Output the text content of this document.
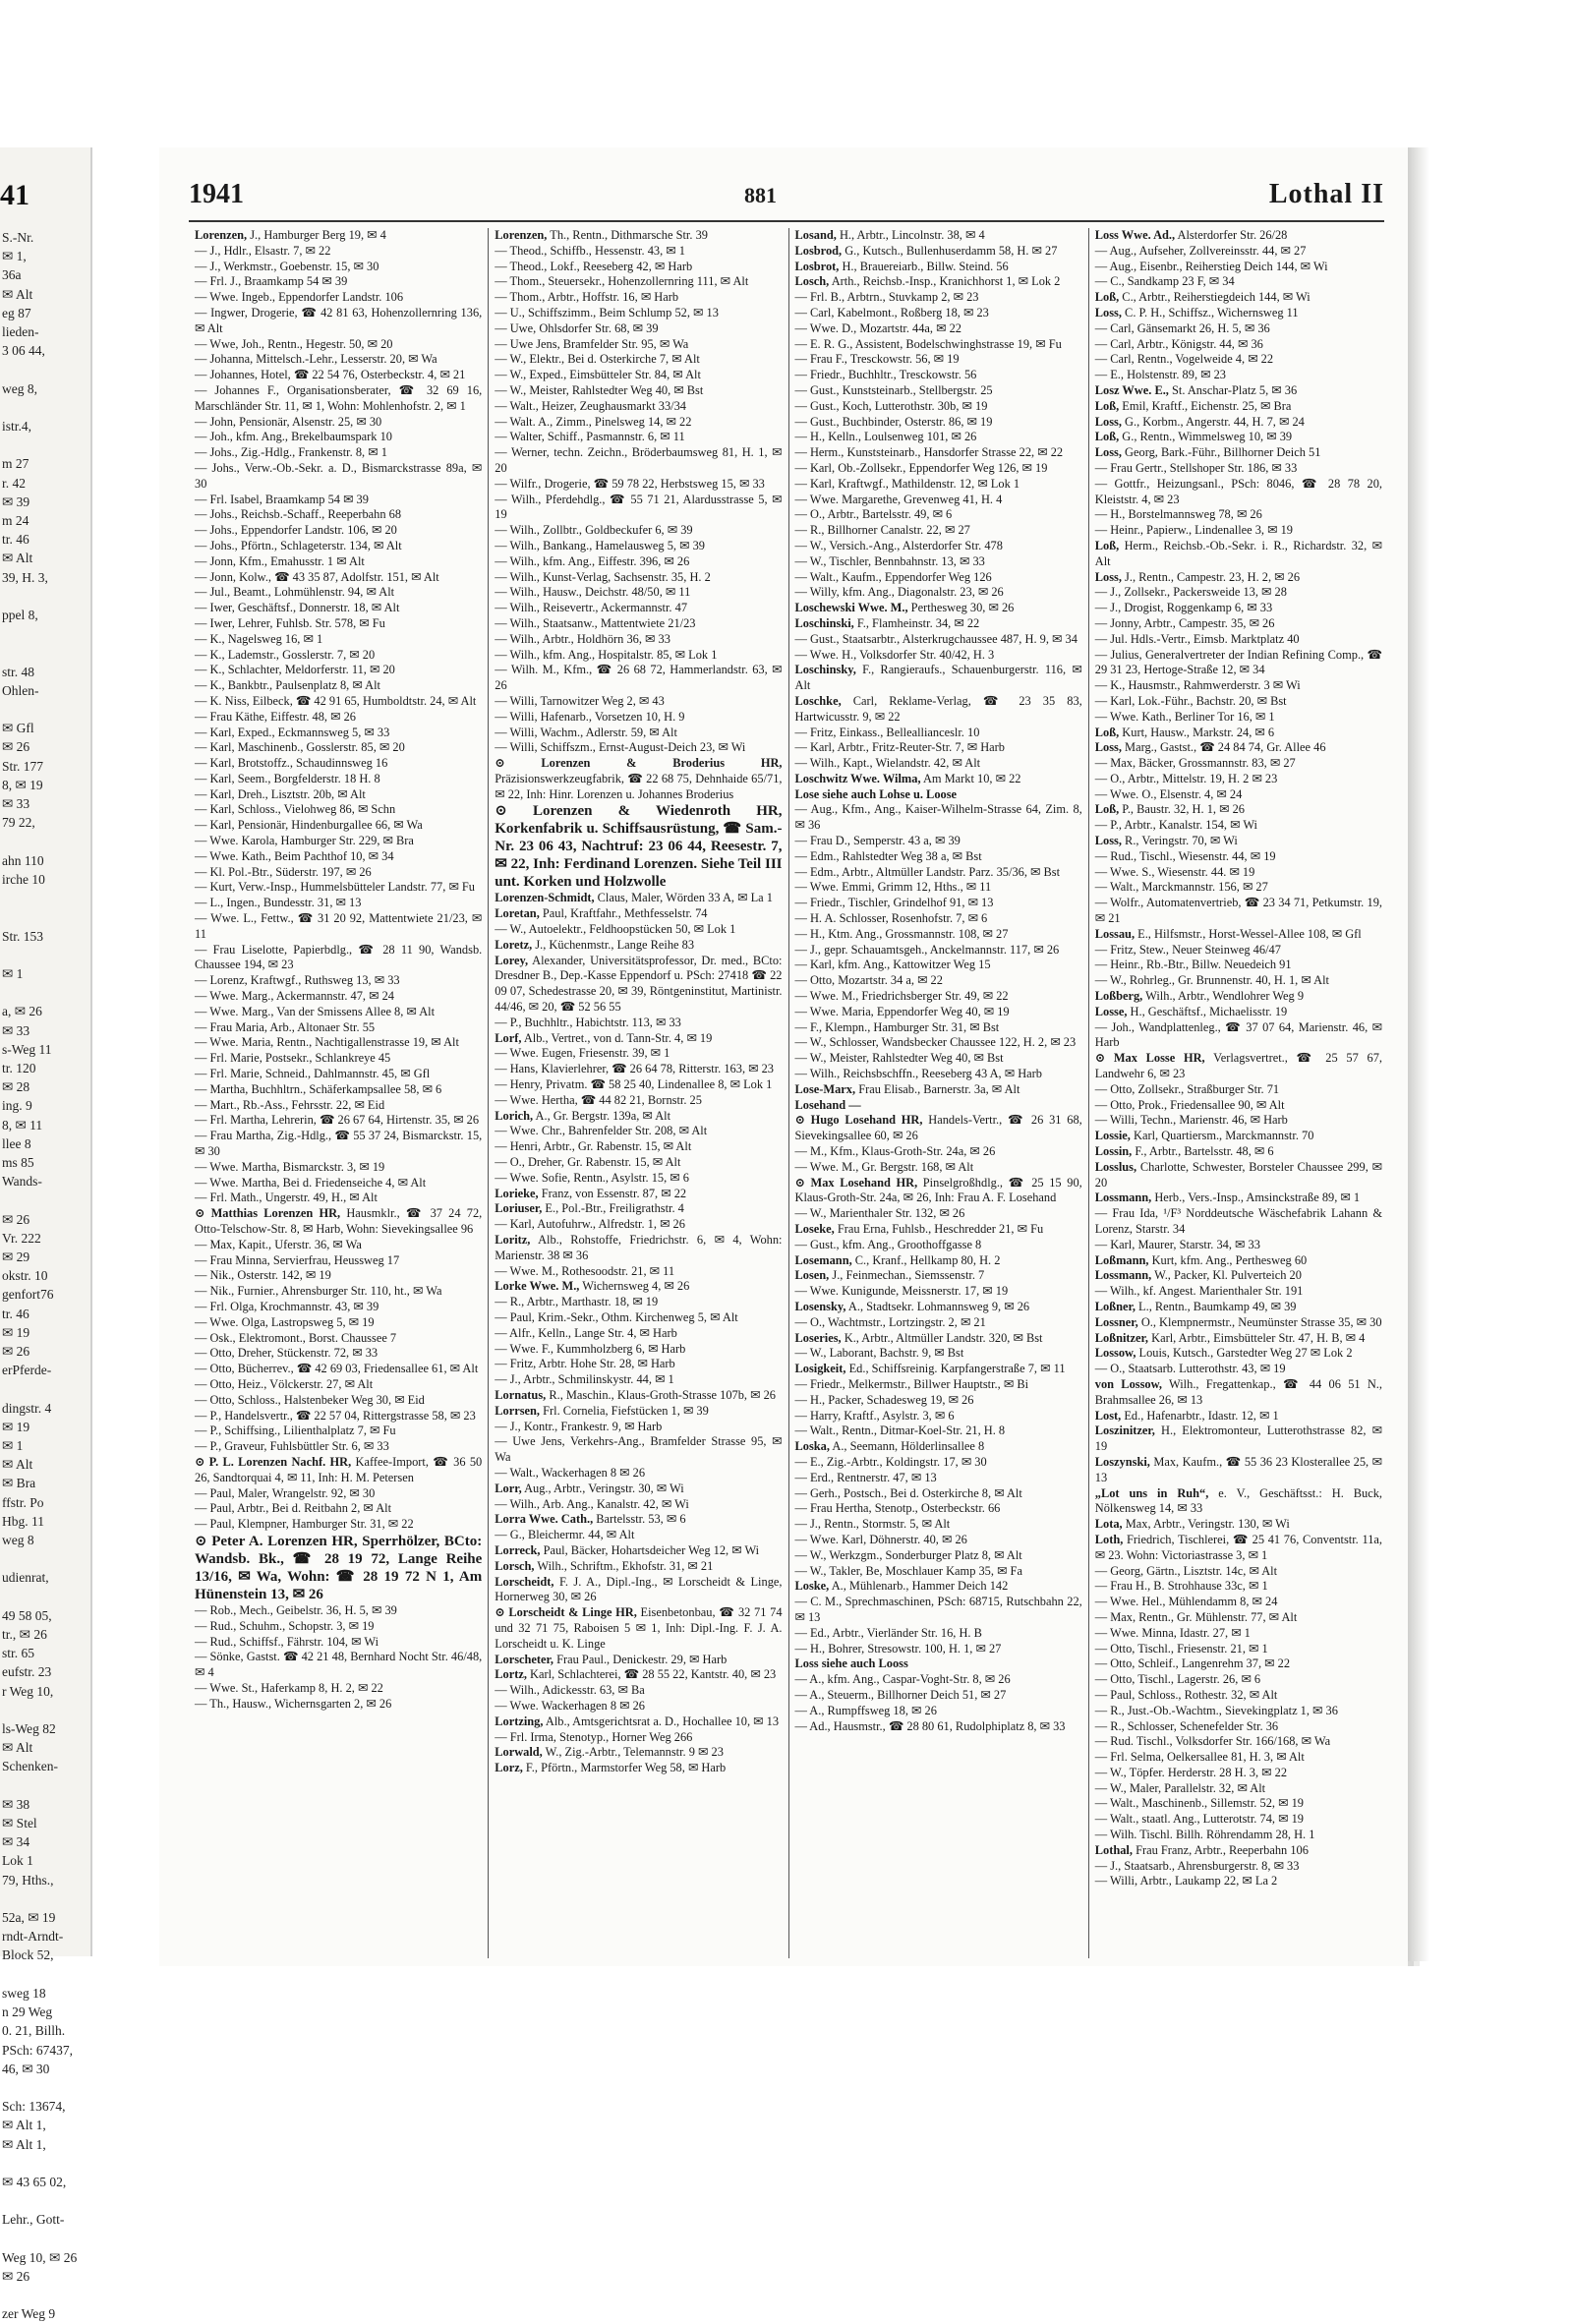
41
S.-Nr.
✉ 1,
36a
✉ Alt
eg 87
lieden-
3 06 44,

weg 8,

istr.4,

m 27
r. 42
✉ 39
m 24
tr. 46
✉ Alt
39, H. 3,

ppel 8,

str. 48
Ohlen-

✉ Gfl
✉ 26
Str. 177
8, ✉ 19
✉ 33
79 22,

ahn 110
irche 10

Str. 153

✉ 1

a, ✉ 26
✉ 33
s-Weg 11
tr. 120
✉ 28
ing. 9
8, ✉ 11
llee 8
ms 85
Wands-

✉ 26
Vr. 222
✉ 29
okstr. 10
genfort76
tr. 46
✉ 19
✉ 26
erPferde-

dingstr. 4
✉ 19
✉ 1
✉ Alt
✉ Bra
ffstr. Po
Hbg. 11
weg 8

udienrat,

49 58 05,
tr., ✉ 26
str. 65
eufstr. 23
r Weg 10,

ls-Weg 82
✉ Alt
Schenken-

✉ 38
✉ Stel
✉ 34
Lok 1
79, Hths.,

52a, ✉ 19
rndt-Arndt-
Block 52,

sweg 18
n 29 Weg
0. 21, Billh.
PSch: 67437,
46, ✉ 30

Sch: 13674,
✉ Alt 1,
✉ Alt 1,

✉ 43 65 02,

Lehr., Gott-

Weg 10, ✉ 26
✉ 26

zer Weg 9
1941	881	Lothal II
Lorenzen, J., Hamburger Berg 19, ✉ 4
— J., Hdlr., Elsastr. 7, ✉ 22
— J., Werkmstr., Goebenstr. 15, ✉ 30
— Frl. J., Braamkamp 54 ✉ 39
— Wwe. Ingeb., Eppendorfer Landstr. 106
— Ingwer, Drogerie, ☎ 42 81 63, Hohenzollernring 136, ✉ Alt
— Wwe, Joh., Rentn., Hegestr. 50, ✉ 20
— Johanna, Mittelsch.-Lehr., Lesserstr. 20, ✉ Wa
— Johannes, Hotel, ☎ 22 54 76, Osterbeckstr. 4, ✉ 21
— Johannes F., Organisationsberater, ☎ 32 69 16, Marschländer Str. 11, ✉ 1, Wohn: Mohlenhofstr. 2, ✉ 1
— John, Pensionär, Alsenstr. 25, ✉ 30
— Joh., kfm. Ang., Brekelbaumspark 10
— Johs., Zig.-Hdlg., Frankenstr. 8, ✉ 1
— Johs., Verw.-Ob.-Sekr. a. D., Bismarckstrasse 89a, ✉ 30
— Frl. Isabel, Braamkamp 54 ✉ 39
— Johs., Reichsb.-Schaff., Reeperbahn 68
— Johs., Eppendorfer Landstr. 106, ✉ 20
— Johs., Pförtn., Schlageterstr. 134, ✉ Alt
— Jonn, Kfm., Emahusstr. 1 ✉ Alt
— Jonn, Kolw., ☎ 43 35 87, Adolfstr. 151, ✉ Alt
— Jul., Beamt., Lohmühlenstr. 94, ✉ Alt
— Iwer, Geschäftsf., Donnerstr. 18, ✉ Alt
— Iwer, Lehrer, Fuhlsb. Str. 578, ✉ Fu
— K., Nagelsweg 16, ✉ 1
— K., Lademstr., Gosslerstr. 7, ✉ 20
— K., Schlachter, Meldorferstr. 11, ✉ 20
— K., Bankbtr., Paulsenplatz 8, ✉ Alt
— K. Niss, Eilbeck, ☎ 42 91 65, Humboldtstr. 24, ✉ Alt
— Frau Käthe, Eiffestr. 48, ✉ 26
— Karl, Exped., Eckmannsweg 5, ✉ 33
— Karl, Maschinenb., Gosslerstr. 85, ✉ 20
— Karl, Brotstoffz., Schaudinnsweg 16
— Karl, Seem., Borgfelderstr. 18 H. 8
— Karl, Dreh., Lisztstr. 20b, ✉ Alt
— Karl, Schloss., Vielohweg 86, ✉ Schn
— Karl, Pensionär, Hindenburgallee 66, ✉ Wa
— Wwe. Karola, Hamburger Str. 229, ✉ Bra
— Wwe. Kath., Beim Pachthof 10, ✉ 34
— Kl. Pol.-Btr., Süderstr. 197, ✉ 26
— Kurt, Verw.-Insp., Hummelsbütteler Landstr. 77, ✉ Fu
— L., Ingen., Bundesstr. 31, ✉ 13
— Wwe. L., Fettw., ☎ 31 20 92, Mattentwiete 21/23, ✉ 11
— Frau Liselotte, Papierbdlg., ☎ 28 11 90, Wandsb. Chaussee 194, ✉ 23
— Lorenz, Kraftwgf., Ruthsweg 13, ✉ 33
— Wwe. Marg., Ackermannstr. 47, ✉ 24
— Wwe. Marg., Van der Smissens Allee 8, ✉ Alt
— Frau Maria, Arb., Altonaer Str. 55
— Wwe. Maria, Rentn., Nachtigallenstrasse 19, ✉ Alt
— Frl. Marie, Postsekr., Schlankreye 45
— Frl. Marie, Schneid., Dahlmannstr. 45, ✉ Gfl
— Martha, Buchhltrn., Schäferkampsallee 58, ✉ 6
— Mart., Rb.-Ass., Fehrsstr. 22, ✉ Eid
— Frl. Martha, Lehrerin, ☎ 26 67 64, Hirtenstr. 35, ✉ 26
— Frau Martha, Zig.-Hdlg., ☎ 55 37 24, Bismarckstr. 15, ✉ 30
— Wwe. Martha, Bismarckstr. 3, ✉ 19
— Wwe. Martha, Bei d. Friedenseiche 4, ✉ Alt
— Frl. Math., Ungerstr. 49, H., ✉ Alt
⊙ Matthias Lorenzen HR, Hausmklr., ☎ 37 24 72, Otto-Telschow-Str. 8, ✉ Harb, Wohn: Sievekingsallee 96
— Max, Kapit., Uferstr. 36, ✉ Wa
— Frau Minna, Servierfrau, Heussweg 17
— Nik., Osterstr. 142, ✉ 19
— Nik., Furnier., Ahrensburger Str. 110, ht., ✉ Wa
— Frl. Olga, Krochmannstr. 43, ✉ 39
— Wwe. Olga, Lastropsweg 5, ✉ 19
— Osk., Elektromont., Borst. Chaussee 7
— Otto, Dreher, Stückenstr. 72, ✉ 33
— Otto, Bücherrev., ☎ 42 69 03, Friedensallee 61, ✉ Alt
— Otto, Heiz., Völckerstr. 27, ✉ Alt
— Otto, Schloss., Halstenbeker Weg 30, ✉ Eid
— P., Handelsvertr., ☎ 22 57 04, Rittergstrasse 58, ✉ 23
— P., Schiffsing., Lilienthalplatz 7, ✉ Fu
— P., Graveur, Fuhlsbüttler Str. 6, ✉ 33
⊙ P. L. Lorenzen Nachf. HR, Kaffee-Import, ☎ 36 50 26, Sandtorquai 4, ✉ 11, Inh: H. M. Petersen
— Paul, Maler, Wrangelstr. 92, ✉ 30
— Paul, Arbtr., Bei d. Reitbahn 2, ✉ Alt
— Paul, Klempner, Hamburger Str. 31, ✉ 22
⊙ Peter A. Lorenzen HR, Sperrhölzer, BCto: Wandsb. Bk., ☎ 28 19 72, Lange Reihe 13/16, ✉ Wa, Wohn: ☎ 28 19 72 N 1, Am Hünenstein 13, ✉ 26
— Rob., Mech., Geibelstr. 36, H. 5, ✉ 39
— Rud., Schuhm., Schopstr. 3, ✉ 19
— Rud., Schiffsf., Fährstr. 104, ✉ Wi
— Sönke, Gastst. ☎ 42 21 48, Bernhard Nocht Str. 46/48, ✉ 4
— Wwe. St., Haferkamp 8, H. 2, ✉ 22
— Th., Hausw., Wichernsgarten 2, ✉ 26
Lorenzen, Th., Rentn., Dithmarsche Str. 39
— Theod., Schiffb., Hessenstr. 43, ✉ 1
— Theod., Lokf., Reeseberg 42, ✉ Harb
— Thom., Steuersekr., Hohenzollernring 111, ✉ Alt
— Thom., Arbtr., Hoffstr. 16, ✉ Harb
— U., Schiffszimm., Beim Schlump 52, ✉ 13
— Uwe, Ohlsdorfer Str. 68, ✉ 39
— Uwe Jens, Bramfelder Str. 95, ✉ Wa
— W., Elektr., Bei d. Osterkirche 7, ✉ Alt
— W., Exped., Eimsbütteler Str. 84, ✉ Alt
— W., Meister, Rahlstedter Weg 40, ✉ Bst
— Walt., Heizer, Zeughausmarkt 33/34
— Walt. A., Zimm., Pinelsweg 14, ✉ 22
— Walter, Schiff., Pasmannstr. 6, ✉ 11
— Werner, techn. Zeichn., Bröderbaumsweg 81, H. 1, ✉ 20
— Wilfr., Drogerie, ☎ 59 78 22, Herbstsweg 15, ✉ 33
— Wilh., Pferdehdlg., ☎ 55 71 21, Alardusstrasse 5, ✉ 19
— Wilh., Zollbtr., Goldbeckufer 6, ✉ 39
— Wilh., Bankang., Hamelausweg 5, ✉ 39
— Wilh., kfm. Ang., Eiffestr. 396, ✉ 26
— Wilh., Kunst-Verlag, Sachsenstr. 35, H. 2
— Wilh., Hausw., Deichstr. 48/50, ✉ 11
— Wilh., Reisevertr., Ackermannstr. 47
— Wilh., Staatsanw., Mattentwiete 21/23
— Wilh., Arbtr., Holdhörn 36, ✉ 33
— Wilh., kfm. Ang., Hospitalstr. 85, ✉ Lok 1
— Wilh. M., Kfm., ☎ 26 68 72, Hammerlandstr. 63, ✉ 26
— Willi, Tarnowitzer Weg 2, ✉ 43
— Willi, Hafenarb., Vorsetzen 10, H. 9
— Willi, Wachm., Adlerstr. 59, ✉ Alt
— Willi, Schiffszm., Ernst-August-Deich 23, ✉ Wi
⊙ Lorenzen & Broderius HR, Präzisionswerkzeugfabrik, ☎ 22 68 75, Dehnhaide 65/71, ✉ 22, Inh: Hinr. Lorenzen u. Johannes Broderius
⊙ Lorenzen & Wiedenroth HR, Korkenfabrik u. Schiffsausrüstung, ☎ Sam.-Nr. 23 06 43, Nachtruf: 23 06 44, Reesestr. 7, ✉ 22, Inh: Ferdinand Lorenzen. Siehe Teil III unt. Korken und Holzwolle
Lorenzen-Schmidt, Claus, Maler, Wörden 33 A, ✉ La 1
Loretan, Paul, Kraftfahr., Methfesselstr. 74
— W., Autoelektr., Feldhoopstücken 50, ✉ Lok 1
Loretz, J., Küchenmstr., Lange Reihe 83
Lorey, Alexander, Universitätsprofessor, Dr. med., BCto: Dresdner B., Dep.-Kasse Eppendorf u. PSch: 27418 ☎ 22 09 07, Schedestrasse 20, ✉ 39, Röntgeninstitut, Martinistr. 44/46, ✉ 20, ☎ 52 56 55
— P., Buchhltr., Habichtstr. 113, ✉ 33
Lorf, Alb., Vertret., von d. Tann-Str. 4, ✉ 19
— Wwe. Eugen, Friesenstr. 39, ✉ 1
— Hans, Klavierlehrer, ☎ 26 64 78, Ritterstr. 163, ✉ 23
— Henry, Privatm. ☎ 58 25 40, Lindenallee 8, ✉ Lok 1
— Wwe. Hertha, ☎ 44 82 21, Bornstr. 25
Lorich, A., Gr. Bergstr. 139a, ✉ Alt
— Wwe. Chr., Bahrenfelder Str. 208, ✉ Alt
— Henri, Arbtr., Gr. Rabenstr. 15, ✉ Alt
— O., Dreher, Gr. Rabenstr. 15, ✉ Alt
— Wwe. Sofie, Rentn., Asylstr. 15, ✉ 6
Lorieke, Franz, von Essenstr. 87, ✉ 22
Loriuser, E., Pol.-Btr., Freiligrathstr. 4
— Karl, Autofuhrw., Alfredstr. 1, ✉ 26
Loritz, Alb., Rohstoffe, Friedrichstr. 6, ✉ 4, Wohn: Marienstr. 38 ✉ 36
— Wwe. M., Rothesoodstr. 21, ✉ 11
Lorke Wwe. M., Wichernsweg 4, ✉ 26
— R., Arbtr., Marthastr. 18, ✉ 19
— Paul, Krim.-Sekr., Othm. Kirchenweg 5, ✉ Alt
— Alfr., Kelln., Lange Str. 4, ✉ Harb
— Wwe. F., Kummholzberg 6, ✉ Harb
— Fritz, Arbtr. Hohe Str. 28, ✉ Harb
— J., Arbtr., Schmilinskystr. 44, ✉ 1
Lornatus, R., Maschin., Klaus-Groth-Strasse 107b, ✉ 26
Lorrsen, Frl. Cornelia, Fiefstücken 1, ✉ 39
— J., Kontr., Frankestr. 9, ✉ Harb
— Uwe Jens, Verkehrs-Ang., Bramfelder Strasse 95, ✉ Wa
— Walt., Wackerhagen 8 ✉ 26
Lorr, Aug., Arbtr., Veringstr. 30, ✉ Wi
— Wilh., Arb. Ang., Kanalstr. 42, ✉ Wi
Lorra Wwe. Cath., Bartelsstr. 53, ✉ 6
— G., Bleichermr. 44, ✉ Alt
Lorreck, Paul, Bäcker, Hohartsdeicher Weg 12, ✉ Wi
Lorsch, Wilh., Schriftm., Ekhofstr. 31, ✉ 21
Lorscheidt, F. J. A., Dipl.-Ing., ✉ Lorscheidt & Linge, Hornerweg 30, ✉ 26
⊙ Lorscheidt & Linge HR, Eisenbetonbau, ☎ 32 71 74 und 32 71 75, Raboisen 5 ✉ 1, Inh: Dipl.-Ing. F. J. A. Lorscheidt u. K. Linge
Lorscheter, Frau Paul., Denickestr. 29, ✉ Harb
Lortz, Karl, Schlachterei, ☎ 28 55 22, Kantstr. 40, ✉ 23
— Wilh., Adickesstr. 63, ✉ Ba
— Wwe. Wackerhagen 8 ✉ 26
Lortzing, Alb., Amtsgerichtsrat a. D., Hochallee 10, ✉ 13
— Frl. Irma, Stenotyp., Horner Weg 266
Lorwald, W., Zig.-Arbtr., Telemannstr. 9 ✉ 23
Lorz, F., Pförtn., Marmstorfer Weg 58, ✉ Harb
Losand, H., Arbtr., Lincolnstr. 38, ✉ 4
Losbrod, G., Kutsch., Bullenhuserdamm 58, H. ✉ 27
Losbrot, H., Brauereiarb., Billw. Steind. 56
Losch, Arth., Reichsb.-Insp., Kranichhorst 1, ✉ Lok 2
— Frl. B., Arbtrn., Stuvkamp 2, ✉ 23
— Carl, Kabelmont., Roßberg 18, ✉ 23
— Wwe. D., Mozartstr. 44a, ✉ 22
— E. R. G., Assistent, Bodelschwinghstrasse 19, ✉ Fu
— Frau F., Tresckowstr. 56, ✉ 19
— Friedr., Buchhltr., Tresckowstr. 56
— Gust., Kunststeinarb., Stellbergstr. 25
— Gust., Koch, Lutterothstr. 30b, ✉ 19
— Gust., Buchbinder, Osterstr. 86, ✉ 19
— H., Kelln., Loulsenweg 101, ✉ 26
— Herm., Kunststeinarb., Hansdorfer Strasse 22, ✉ 22
— Karl, Ob.-Zollsekr., Eppendorfer Weg 126, ✉ 19
— Karl, Kraftwgf., Mathildenstr. 12, ✉ Lok 1
— Wwe. Margarethe, Grevenweg 41, H. 4
— O., Arbtr., Bartelsstr. 49, ✉ 6
— R., Billhorner Canalstr. 22, ✉ 27
— W., Versich.-Ang., Alsterdorfer Str. 478
— W., Tischler, Bennbahnstr. 13, ✉ 33
— Walt., Kaufm., Eppendorfer Weg 126
— Willy, kfm. Ang., Diagonalstr. 23, ✉ 26
Loschewski Wwe. M., Perthesweg 30, ✉ 26
Loschinski, F., Flamheinstr. 34, ✉ 22
— Gust., Staatsarbtr., Alsterkrugchaussee 487, H. 9, ✉ 34
— Wwe. H., Volksdorfer Str. 40/42, H. 3
Loschinsky, F., Rangieraufs., Schauenburgerstr. 116, ✉ Alt
Loschke, Carl, Reklame-Verlag, ☎ 23 35 83, Hartwicusstr. 9, ✉ 22
— Fritz, Einkass., Belleallianceslr. 10
— Karl, Arbtr., Fritz-Reuter-Str. 7, ✉ Harb
— Wilh., Kapt., Wielandstr. 42, ✉ Alt
Loschwitz Wwe. Wilma, Am Markt 10, ✉ 22
Lose siehe auch Lohse u. Loose
— Aug., Kfm., Ang., Kaiser-Wilhelm-Strasse 64, Zim. 8, ✉ 36
— Frau D., Semperstr. 43 a, ✉ 39
— Edm., Rahlstedter Weg 38 a, ✉ Bst
— Edm., Arbtr., Altmüller Landstr. Parz. 35/36, ✉ Bst
— Wwe. Emmi, Grimm 12, Hths., ✉ 11
— Friedr., Tischler, Grindelhof 91, ✉ 13
— H. A. Schlosser, Rosenhofstr. 7, ✉ 6
— H., Ktm. Ang., Grossmannstr. 108, ✉ 27
— J., gepr. Schauamtsgeh., Anckelmannstr. 117, ✉ 26
— Karl, kfm. Ang., Kattowitzer Weg 15
— Otto, Mozartstr. 34 a, ✉ 22
— Wwe. M., Friedrichsberger Str. 49, ✉ 22
— Wwe. Maria, Eppendorfer Weg 40, ✉ 19
— F., Klempn., Hamburger Str. 31, ✉ Bst
— W., Schlosser, Wandsbecker Chaussee 122, H. 2, ✉ 23
— W., Meister, Rahlstedter Weg 40, ✉ Bst
— Wilh., Reichsbschffn., Reeseberg 43 A, ✉ Harb
Lose-Marx, Frau Elisab., Barnerstr. 3a, ✉ Alt
Losehand —
⊙ Hugo Losehand HR, Handels-Vertr., ☎ 26 31 68, Sievekingsallee 60, ✉ 26
— M., Kfm., Klaus-Groth-Str. 24a, ✉ 26
— Wwe. M., Gr. Bergstr. 168, ✉ Alt
⊙ Max Losehand HR, Pinselgroßhdlg., ☎ 25 15 90, Klaus-Groth-Str. 24a, ✉ 26, Inh: Frau A. F. Losehand
— W., Marienthaler Str. 132, ✉ 26
Loseke, Frau Erna, Fuhlsb., Heschredder 21, ✉ Fu
— Gust., kfm. Ang., Groothoffgasse 8
Losemann, C., Kranf., Hellkamp 80, H. 2
Losen, J., Feinmechan., Siemssenstr. 7
— Wwe. Kunigunde, Meissnerstr. 17, ✉ 19
Losensky, A., Stadtsekr. Lohmannsweg 9, ✉ 26
— O., Wachtmstr., Lortzingstr. 2, ✉ 21
Loseries, K., Arbtr., Altmüller Landstr. 320, ✉ Bst
— W., Laborant, Bachstr. 9, ✉ Bst
Losigkeit, Ed., Schiffsreinig. Karpfangerstraße 7, ✉ 11
— Friedr., Melkermstr., Billwer Hauptstr., ✉ Bi
— H., Packer, Schadesweg 19, ✉ 26
— Harry, Kraftf., Asylstr. 3, ✉ 6
— Walt., Rentn., Ditmar-Koel-Str. 21, H. 8
Loska, A., Seemann, Hölderlinsallee 8
— E., Zig.-Arbtr., Koldingstr. 17, ✉ 30
— Erd., Rentnerstr. 47, ✉ 13
— Gerh., Postsch., Bei d. Osterkirche 8, ✉ Alt
— Frau Hertha, Stenotp., Osterbeckstr. 66
— J., Rentn., Stormstr. 5, ✉ Alt
— Wwe. Karl, Döhnerstr. 40, ✉ 26
— W., Werkzgm., Sonderburger Platz 8, ✉ Alt
— W., Takler, Be, Moschlauer Kamp 35, ✉ Fa
Loske, A., Mühlenarb., Hammer Deich 142
— C. M., Sprechmaschinen, PSch: 68715, Rutschbahn 22, ✉ 13
— Ed., Arbtr., Vierländer Str. 16, H. B
— H., Bohrer, Stresowstr. 100, H. 1, ✉ 27
Loss siehe auch Looss
— A., kfm. Ang., Caspar-Voght-Str. 8, ✉ 26
— A., Steuerm., Billhorner Deich 51, ✉ 27
— A., Rumpffsweg 18, ✉ 26
— Ad., Hausmstr., ☎ 28 80 61, Rudolphiplatz 8, ✉ 33
Loss Wwe. Ad., Alsterdorfer Str. 26/28
— Aug., Aufseher, Zollvereinsstr. 44, ✉ 27
— Aug., Eisenbr., Reiherstieg Deich 144, ✉ Wi
— C., Sandkamp 23 F, ✉ 34
Loß, C., Arbtr., Reiherstiegdeich 144, ✉ Wi
Loss, C. P. H., Schiffsz., Wichernsweg 11
— Carl, Gänsemarkt 26, H. 5, ✉ 36
— Carl, Arbtr., Königstr. 44, ✉ 36
— Carl, Rentn., Vogelweide 4, ✉ 22
— E., Holstenstr. 89, ✉ 23
Losz Wwe. E., St. Anschar-Platz 5, ✉ 36
Loß, Emil, Kraftf., Eichenstr. 25, ✉ Bra
Loss, G., Korbm., Angerstr. 44, H. 7, ✉ 24
Loß, G., Rentn., Wimmelsweg 10, ✉ 39
Loss, Georg, Bark.-Führ., Billhorner Deich 51
— Frau Gertr., Stellshoper Str. 186, ✉ 33
— Gottfr., Heizungsanl., PSch: 8046, ☎ 28 78 20, Kleiststr. 4, ✉ 23
— H., Borstelmannsweg 78, ✉ 26
— Heinr., Papierw., Lindenallee 3, ✉ 19
Loß, Herm., Reichsb.-Ob.-Sekr. i. R., Richardstr. 32, ✉ Alt
Loss, J., Rentn., Campestr. 23, H. 2, ✉ 26
— J., Zollsekr., Packersweide 13, ✉ 28
— J., Drogist, Roggenkamp 6, ✉ 33
— Jonny, Arbtr., Campestr. 35, ✉ 26
— Jul. Hdls.-Vertr., Eimsb. Marktplatz 40
— Julius, Generalvertreter der Indian Refining Comp., ☎ 29 31 23, Hertoge-Straße 12, ✉ 34
— K., Hausmstr., Rahmwerderstr. 3 ✉ Wi
— Karl, Lok.-Führ., Bachstr. 20, ✉ Bst
— Wwe. Kath., Berliner Tor 16, ✉ 1
Loß, Kurt, Hausw., Markstr. 24, ✉ 6
Loss, Marg., Gastst., ☎ 24 84 74, Gr. Allee 46
— Max, Bäcker, Grossmannstr. 83, ✉ 27
— O., Arbtr., Mittelstr. 19, H. 2 ✉ 23
— Wwe. O., Elsenstr. 4, ✉ 24
Loß, P., Baustr. 32, H. 1, ✉ 26
— P., Arbtr., Kanalstr. 154, ✉ Wi
Loss, R., Veringstr. 70, ✉ Wi
— Rud., Tischl., Wiesenstr. 44, ✉ 19
— Wwe. S., Wiesenstr. 44. ✉ 19
— Walt., Marckmannstr. 156, ✉ 27
— Wolfr., Automatenvertrieb, ☎ 23 34 71, Petkumstr. 19, ✉ 21
Lossau, E., Hilfsmstr., Horst-Wessel-Allee 108, ✉ Gfl
— Fritz, Stew., Neuer Steinweg 46/47
— Heinr., Rb.-Btr., Billw. Neuedeich 91
— W., Rohrleg., Gr. Brunnenstr. 40, H. 1, ✉ Alt
Loßberg, Wilh., Arbtr., Wendlohrer Weg 9
Losse, H., Geschäftsf., Michaelisstr. 19
— Joh., Wandplattenleg., ☎ 37 07 64, Marienstr. 46, ✉ Harb
⊙ Max Losse HR, Verlagsvertret., ☎ 25 57 67, Landwehr 6, ✉ 23
— Otto, Zollsekr., Straßburger Str. 71
— Otto, Prok., Friedensallee 90, ✉ Alt
— Willi, Techn., Marienstr. 46, ✉ Harb
Lossie, Karl, Quartiersm., Marckmannstr. 70
Lossin, F., Arbtr., Bartelsstr. 48, ✉ 6
Losslus, Charlotte, Schwester, Borsteler Chaussee 299, ✉ 20
Lossmann, Herb., Vers.-Insp., Amsinckstraße 89, ✉ 1
— Frau Ida, ¹/F³ Norddeutsche Wäschefabrik Lahann & Lorenz, Starstr. 34
— Karl, Maurer, Starstr. 34, ✉ 33
Loßmann, Kurt, kfm. Ang., Perthesweg 60
Lossmann, W., Packer, Kl. Pulverteich 20
— Wilh., kf. Angest. Marienthaler Str. 191
Loßner, L., Rentn., Baumkamp 49, ✉ 39
Lossner, O., Klempnermstr., Neumünster Strasse 35, ✉ 30
Loßnitzer, Karl, Arbtr., Eimsbütteler Str. 47, H. B, ✉ 4
Lossow, Louis, Kutsch., Garstedter Weg 27 ✉ Lok 2
— O., Staatsarb. Lutterothstr. 43, ✉ 19
von Lossow, Wilh., Fregattenkap., ☎ 44 06 51 N., Brahmsallee 26, ✉ 13
Lost, Ed., Hafenarbtr., Idastr. 12, ✉ 1
Loszinitzer, H., Elektromonteur, Lutterothstrasse 82, ✉ 19
Loszynski, Max, Kaufm., ☎ 55 36 23 Klosterallee 25, ✉ 13
„Lot uns in Ruh“, e. V., Geschäftsst.: H. Buck, Nölkensweg 14, ✉ 33
Lota, Max, Arbtr., Veringstr. 130, ✉ Wi
Loth, Friedrich, Tischlerei, ☎ 25 41 76, Conventstr. 11a, ✉ 23. Wohn: Victoriastrasse 3, ✉ 1
— Georg, Gärtn., Lisztstr. 14c, ✉ Alt
— Frau H., B. Strohhause 33c, ✉ 1
— Wwe. Hel., Mühlendamm 8, ✉ 24
— Max, Rentn., Gr. Mühlenstr. 77, ✉ Alt
— Wwe. Minna, Idastr. 27, ✉ 1
— Otto, Tischl., Friesenstr. 21, ✉ 1
— Otto, Schleif., Langenrehm 37, ✉ 22
— Otto, Tischl., Lagerstr. 26, ✉ 6
— Paul, Schloss., Rothestr. 32, ✉ Alt
— R., Just.-Ob.-Wachtm., Sievekingplatz 1, ✉ 36
— R., Schlosser, Schenefelder Str. 36
— Rud. Tischl., Volksdorfer Str. 166/168, ✉ Wa
— Frl. Selma, Oelkersallee 81, H. 3, ✉ Alt
— W., Töpfer. Herderstr. 28 H. 3, ✉ 22
— W., Maler, Parallelstr. 32, ✉ Alt
— Walt., Maschinenb., Sillemstr. 52, ✉ 19
— Walt., staatl. Ang., Lutterotstr. 74, ✉ 19
— Wilh. Tischl. Billh. Röhrendamm 28, H. 1
Lothal, Frau Franz, Arbtr., Reeperbahn 106
— J., Staatsarb., Ahrensburgerstr. 8, ✉ 33
— Willi, Arbtr., Laukamp 22, ✉ La 2
